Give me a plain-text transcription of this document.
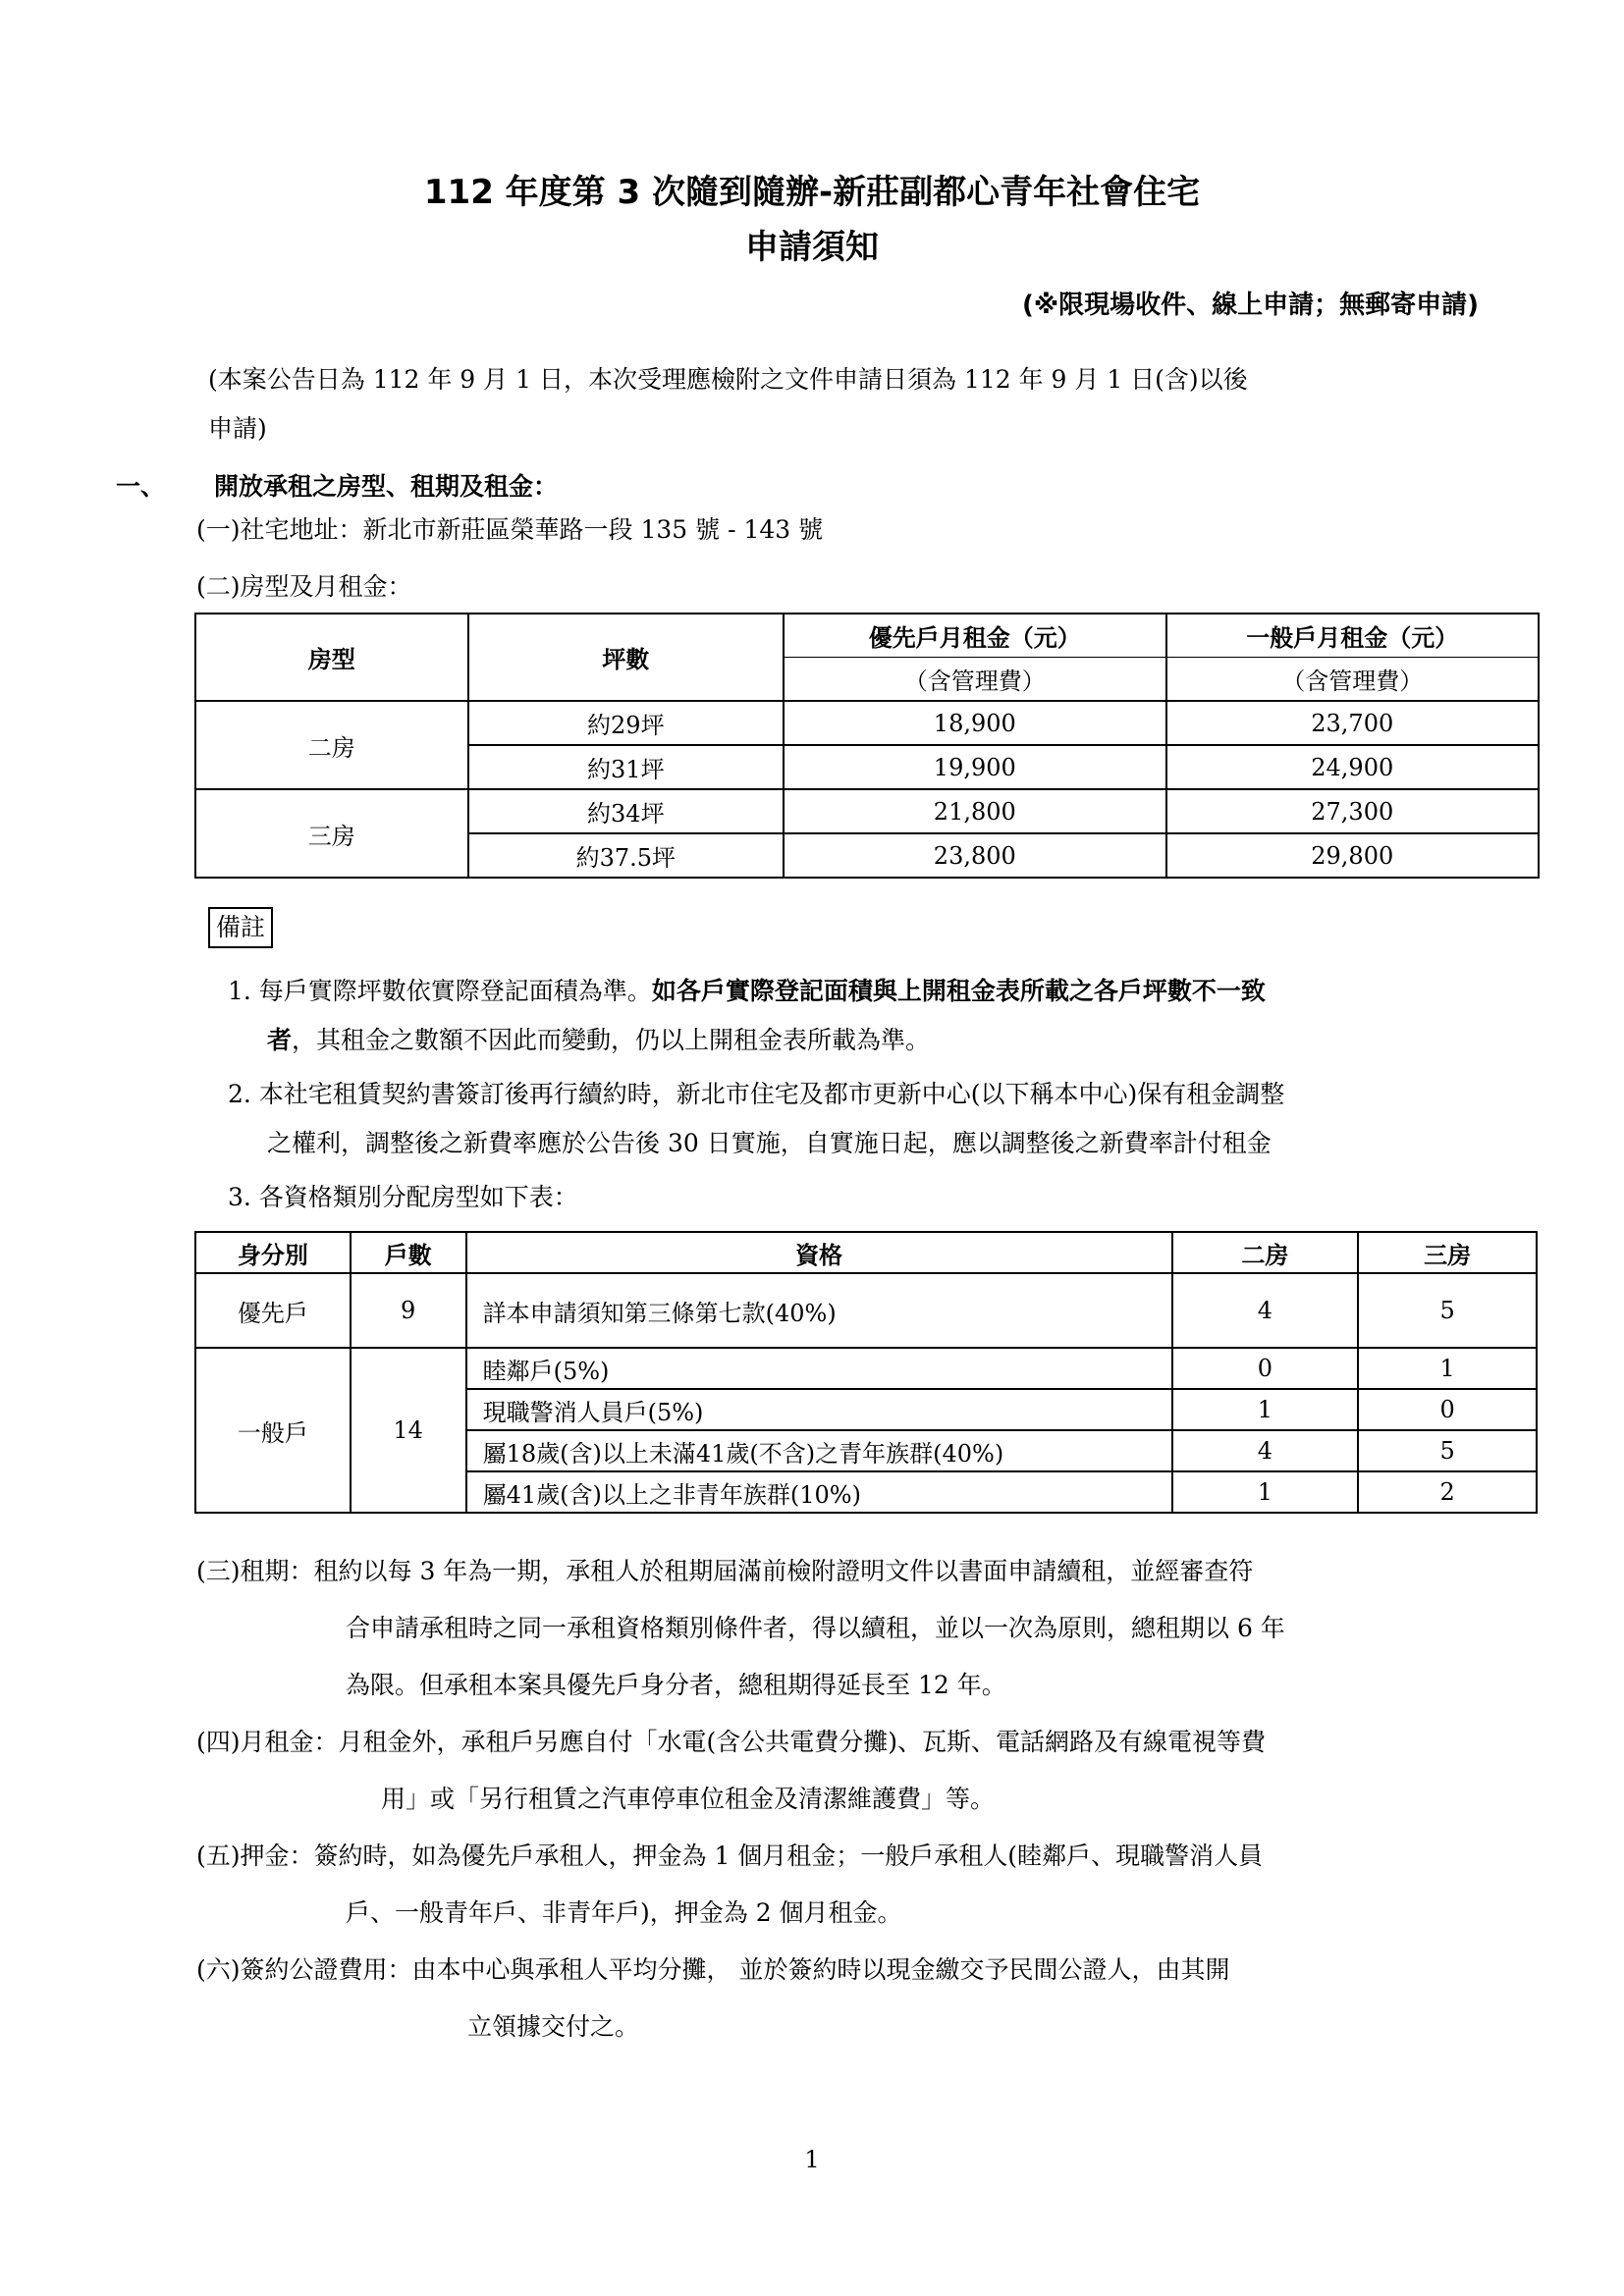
112 年度第 3 次隨到隨辦-新莊副都心青年社會住宅
申請須知
(※限現場收件、線上申請；無郵寄申請)
(本案公告日為 112 年 9 月 1 日，本次受理應檢附之文件申請日須為 112 年 9 月 1 日(含)以後
申請)
一、 開放承租之房型、租期及租金：
(一)社宅地址：新北市新莊區榮華路一段 135 號 - 143 號
(二)房型及月租金：
房型	坪數	優先戶月租金（元）	一般戶月租金（元）
		（含管理費）	（含管理費）
二房	約29坪	18,900	23,700
	約31坪	19,900	24,900
三房	約34坪	21,800	27,300
	約37.5坪	23,800	29,800
備註
1. 每戶實際坪數依實際登記面積為準。如各戶實際登記面積與上開租金表所載之各戶坪數不一致
者，其租金之數額不因此而變動，仍以上開租金表所載為準。
2. 本社宅租賃契約書簽訂後再行續約時，新北市住宅及都市更新中心(以下稱本中心)保有租金調整
之權利，調整後之新費率應於公告後 30 日實施，自實施日起，應以調整後之新費率計付租金
3. 各資格類別分配房型如下表：
身分別	戶數	資格	二房	三房
優先戶	9	詳本申請須知第三條第七款(40%)	4	5
一般戶	14	睦鄰戶(5%)	0	1
		現職警消人員戶(5%)	1	0
		屬18歲(含)以上未滿41歲(不含)之青年族群(40%)	4	5
		屬41歲(含)以上之非青年族群(10%)	1	2
(三)租期：租約以每 3 年為一期，承租人於租期屆滿前檢附證明文件以書面申請續租，並經審查符
合申請承租時之同一承租資格類別條件者，得以續租，並以一次為原則，總租期以 6 年
為限。但承租本案具優先戶身分者，總租期得延長至 12 年。
(四)月租金：月租金外，承租戶另應自付「水電(含公共電費分攤)、瓦斯、電話網路及有線電視等費
用」或「另行租賃之汽車停車位租金及清潔維護費」等。
(五)押金：簽約時，如為優先戶承租人，押金為 1 個月租金；一般戶承租人(睦鄰戶、現職警消人員
戶、一般青年戶、非青年戶)，押金為 2 個月租金。
(六)簽約公證費用：由本中心與承租人平均分攤， 並於簽約時以現金繳交予民間公證人，由其開
立領據交付之。
1
